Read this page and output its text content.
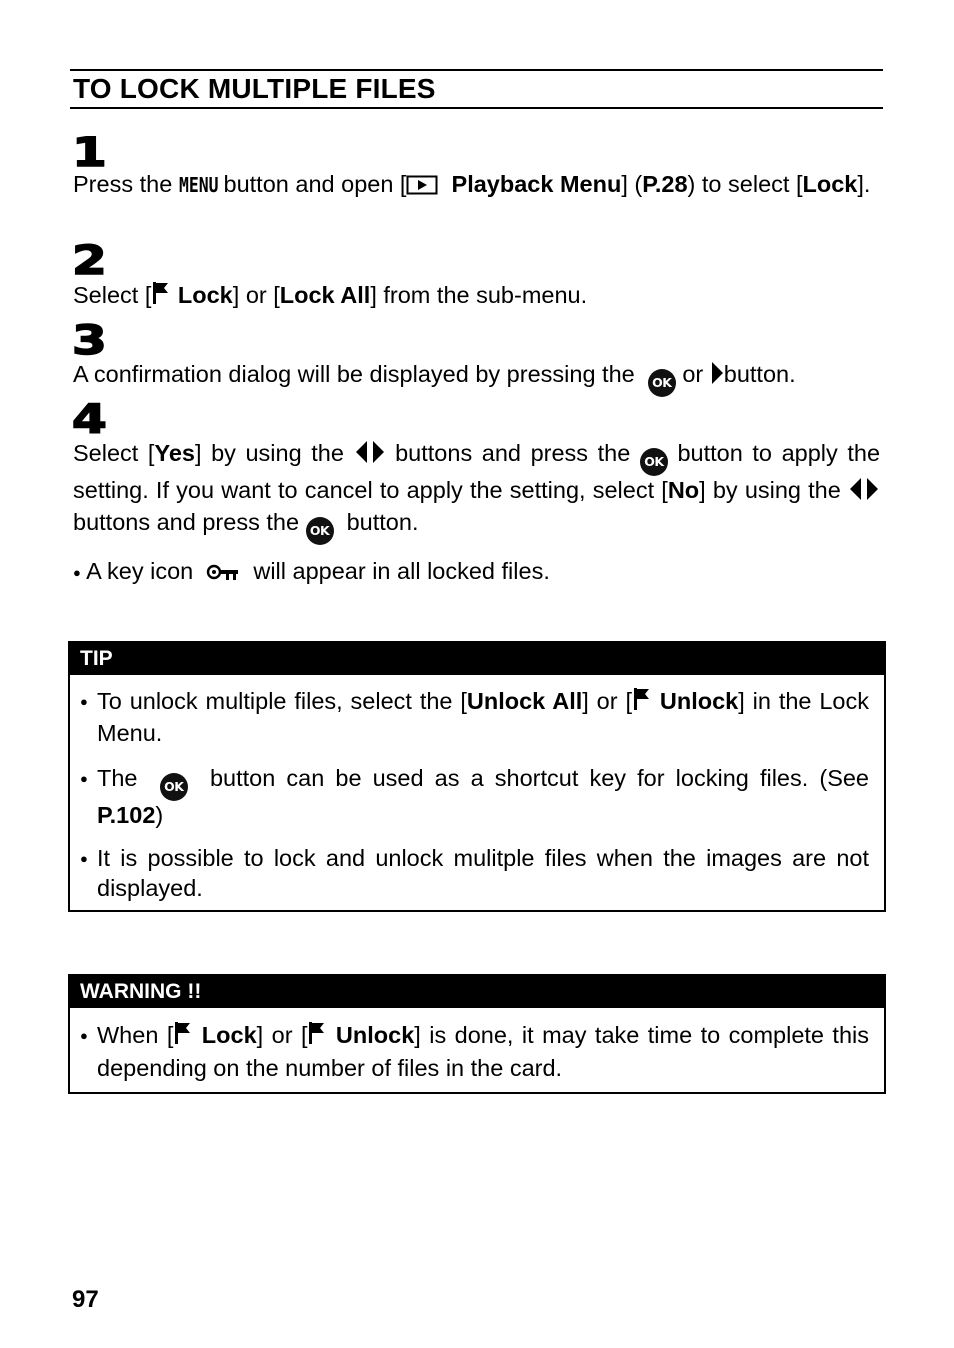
TO LOCK MULTIPLE FILES
1

Press the MENU button and open [ Playback Menu] (P.28) to select [Lock].

2

Select [ Lock] or [Lock All] from the sub-menu.

3

A confirmation dialog will be displayed by pressing the OK or button.

4

Select [Yes] by using the buttons and press the OK button to apply the setting. If you want to cancel to apply the setting, select [No] by using the  buttons and press the OK button.

● A key icon	will appear in all locked files.

TIP
● To unlock multiple files, select the [Unlock All] or [ Unlock] in the Lock Menu.
● The OK button can be used as a shortcut key for locking files. (See P.102)
● It is possible to lock and unlock mulitple files when the images are not displayed.
WARNING !!
● When [ Lock] or [ Unlock] is done, it may take time to complete this depending on the number of files in the card.
97
